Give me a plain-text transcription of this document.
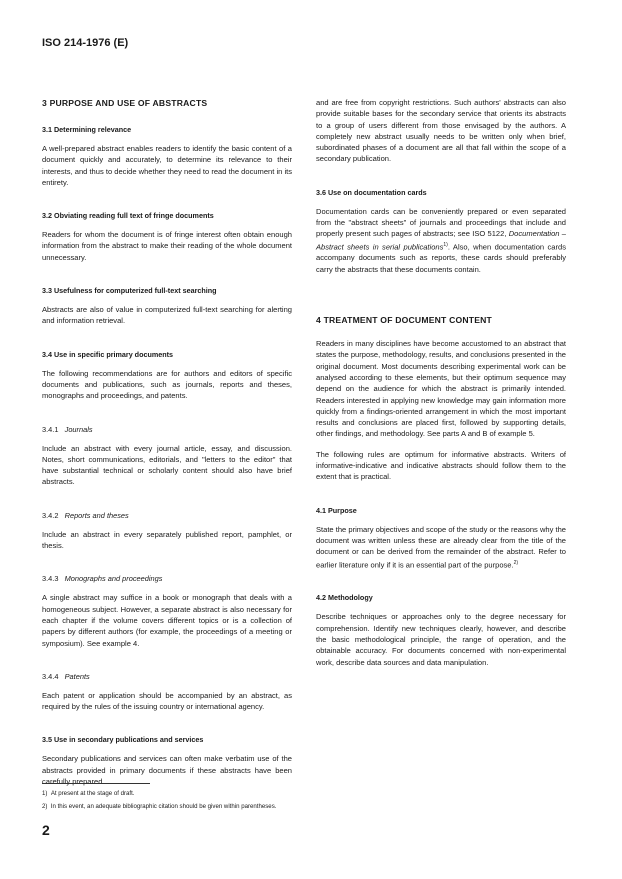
ISO 214-1976 (E)
3 PURPOSE AND USE OF ABSTRACTS
3.1 Determining relevance

A well-prepared abstract enables readers to identify the basic content of a document quickly and accurately, to determine its relevance to their interests, and thus to decide whether they need to read the document in its entirety.

3.2 Obviating reading full text of fringe documents

Readers for whom the document is of fringe interest often obtain enough information from the abstract to make their reading of the whole document unnecessary.

3.3 Usefulness for computerized full-text searching

Abstracts are also of value in computerized full-text searching for alerting and information retrieval.

3.4 Use in specific primary documents

The following recommendations are for authors and editors of specific documents and publications, such as journals, reports and theses, monographs and proceedings, and patents.

3.4.1 Journals

Include an abstract with every journal article, essay, and discussion. Notes, short communications, editorials, and "letters to the editor" that have substantial technical or scholarly content should also have brief abstracts.

3.4.2 Reports and theses

Include an abstract in every separately published report, pamphlet, or thesis.

3.4.3 Monographs and proceedings

A single abstract may suffice in a book or monograph that deals with a homogeneous subject. However, a separate abstract is also necessary for each chapter if the volume covers different topics or is a collection of papers by different authors (for example, the proceedings of a meeting or symposium). See example 4.

3.4.4 Patents

Each patent or application should be accompanied by an abstract, as required by the rules of the issuing country or international agency.

3.5 Use in secondary publications and services

Secondary publications and services can often make verbatim use of the abstracts provided in primary documents if these abstracts have been carefully prepared

and are free from copyright restrictions. Such authors' abstracts can also provide suitable bases for the secondary service that orients its abstracts to a group of users different from those envisaged by the authors. A completely new abstract usually needs to be written only when brief, subordinated phases of a document are all that fall within the scope of a secondary publication.

3.6 Use on documentation cards

Documentation cards can be conveniently prepared or even separated from the "abstract sheets" of journals and proceedings that include and properly present such pages of abstracts; see ISO 5122, Documentation – Abstract sheets in serial publications$^{1)}$. Also, when documentation cards accompany documents such as reports, these cards should preferably carry the abstracts that these documents contain.

4 TREATMENT OF DOCUMENT CONTENT

Readers in many disciplines have become accustomed to an abstract that states the purpose, methodology, results, and conclusions presented in the original document. Most documents describing experimental work can be analysed according to these elements, but their optimum sequence may depend on the audience for which the abstract is primarily intended. Readers interested in applying new knowledge may gain information more quickly from a findings-oriented arrangement in which the most important results and conclusions are placed first, followed by supporting details, other findings, and methodology. See parts A and B of example 5.

The following rules are optimum for informative abstracts. Writers of informative-indicative and indicative abstracts should follow them to the extent that is practical.

4.1 Purpose

State the primary objectives and scope of the study or the reasons why the document was written unless these are already clear from the title of the document or can be derived from the remainder of the abstract. Refer to earlier literature only if it is an essential part of the purpose.$^{2)}$

4.2 Methodology

Describe techniques or approaches only to the degree necessary for comprehension. Identify new techniques clearly, however, and describe the basic methodological principle, the range of operation, and the obtainable accuracy. For documents concerned with non-experimental work, describe data sources and data manipulation.

1) At present at the stage of draft.
2) In this event, an adequate bibliographic citation should be given within parentheses.
2
